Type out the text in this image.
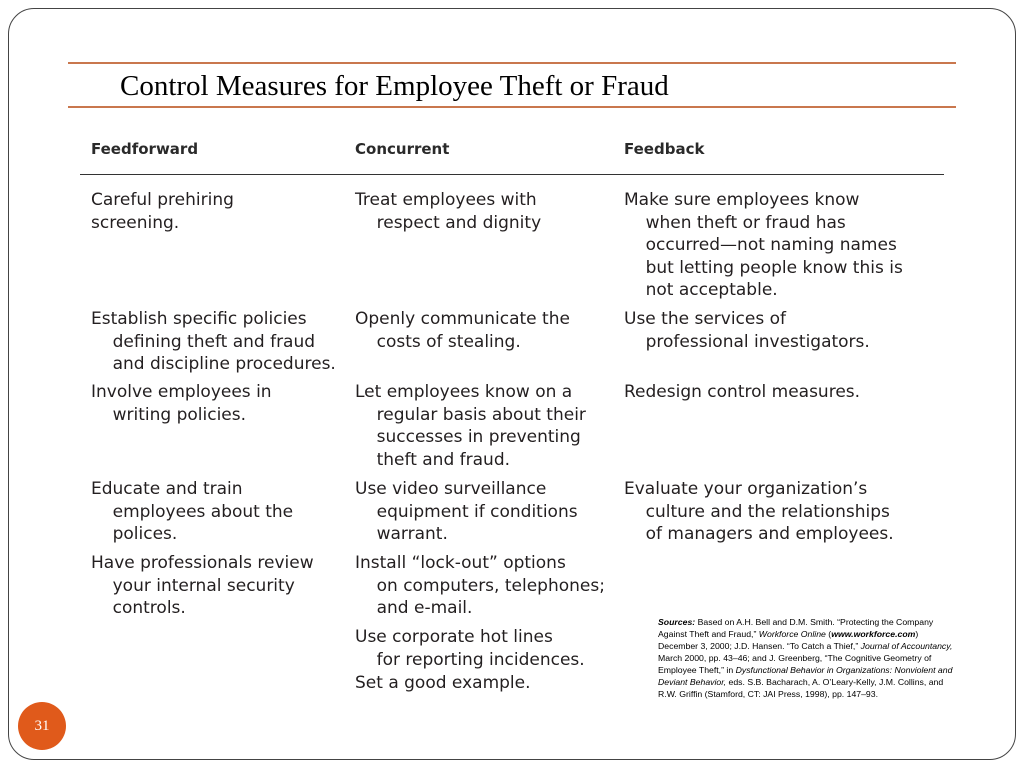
Control Measures for Employee Theft or Fraud
Feedforward	Concurrent	Feedback
Careful prehiring
screening.
Establish specific policies
defining theft and fraud
and discipline procedures.
Involve employees in
writing policies.
Educate and train
employees about the
polices.
Have professionals review
your internal security
controls.
Treat employees with
respect and dignity
Openly communicate the
costs of stealing.
Let employees know on a
regular basis about their
successes in preventing
theft and fraud.
Use video surveillance
equipment if conditions
warrant.
Install “lock-out” options
on computers, telephones;
and e-mail.
Use corporate hot lines
for reporting incidences.
Set a good example.
Make sure employees know
when theft or fraud has
occurred—not naming names
but letting people know this is
not acceptable.
Use the services of
professional investigators.
Redesign control measures.
Evaluate your organization’s
culture and the relationships
of managers and employees.

Sources: Based on A.H. Bell and D.M. Smith. “Protecting the Company Against Theft and Fraud,” Workforce Online (www.workforce.com) December 3, 2000; J.D. Hansen. “To Catch a Thief,” Journal of Accountancy, March 2000, pp. 43–46; and J. Greenberg, “The Cognitive Geometry of Employee Theft,” in Dysfunctional Behavior in Organizations: Nonviolent and Deviant Behavior, eds. S.B. Bacharach, A. O’Leary-Kelly, J.M. Collins, and R.W. Griffin (Stamford, CT: JAI Press, 1998), pp. 147–93.

31
